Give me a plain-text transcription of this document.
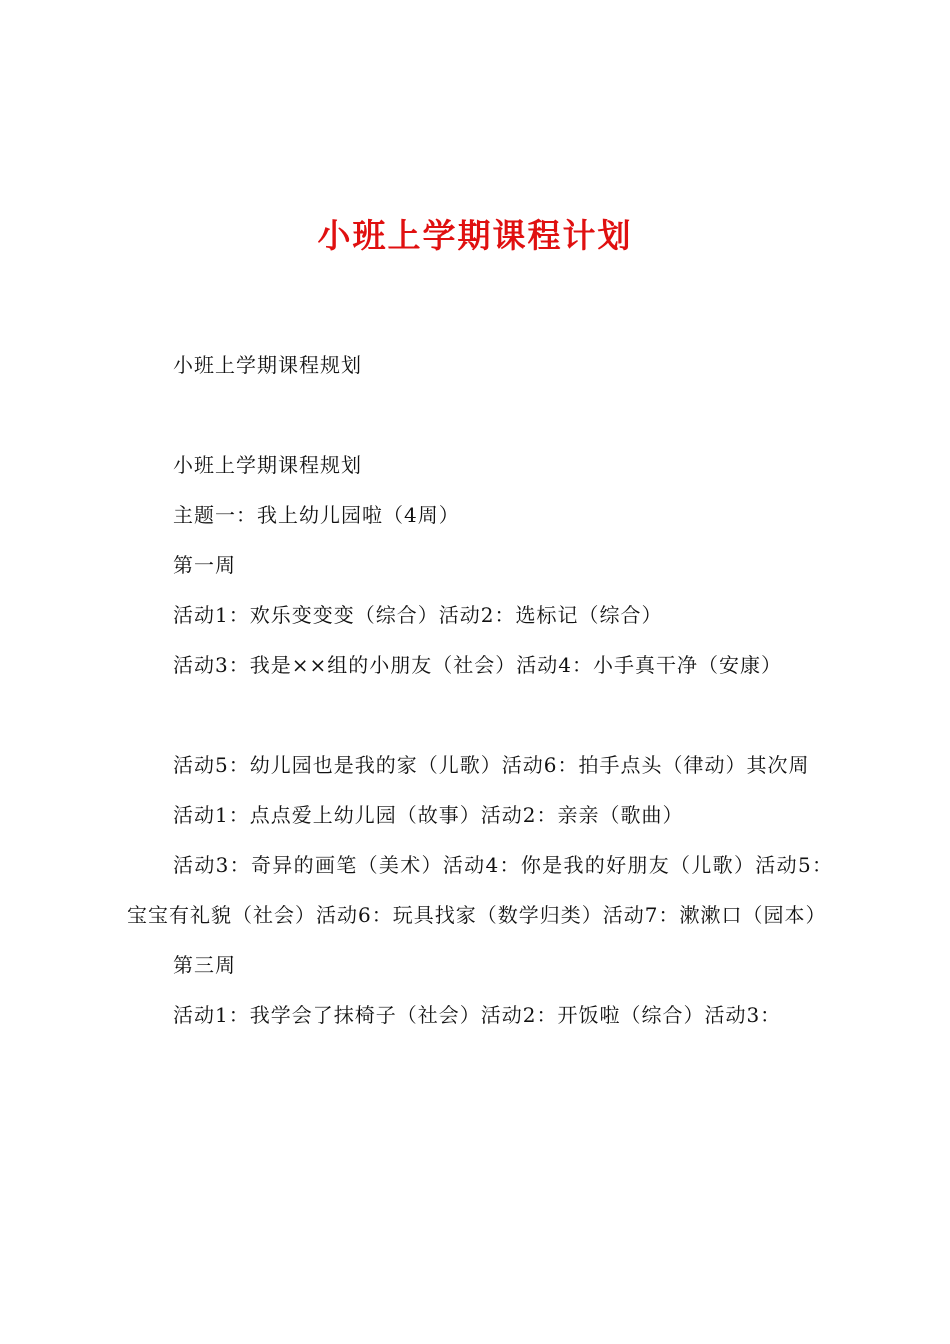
小班上学期课程计划

小班上学期课程规划

小班上学期课程规划

主题一：我上幼儿园啦（4周）

第一周

活动1：欢乐变变变（综合）活动2：选标记（综合）

活动3：我是××组的小朋友（社会）活动4：小手真干净（安康）

活动5：幼儿园也是我的家（儿歌）活动6：拍手点头（律动）其次周

活动1：点点爱上幼儿园（故事）活动2：亲亲（歌曲）

活动3：奇异的画笔（美术）活动4：你是我的好朋友（儿歌）活动5：宝宝有礼貌（社会）活动6：玩具找家（数学归类）活动7：漱漱口（园本）

第三周

活动1：我学会了抹椅子（社会）活动2：开饭啦（综合）活动3：
